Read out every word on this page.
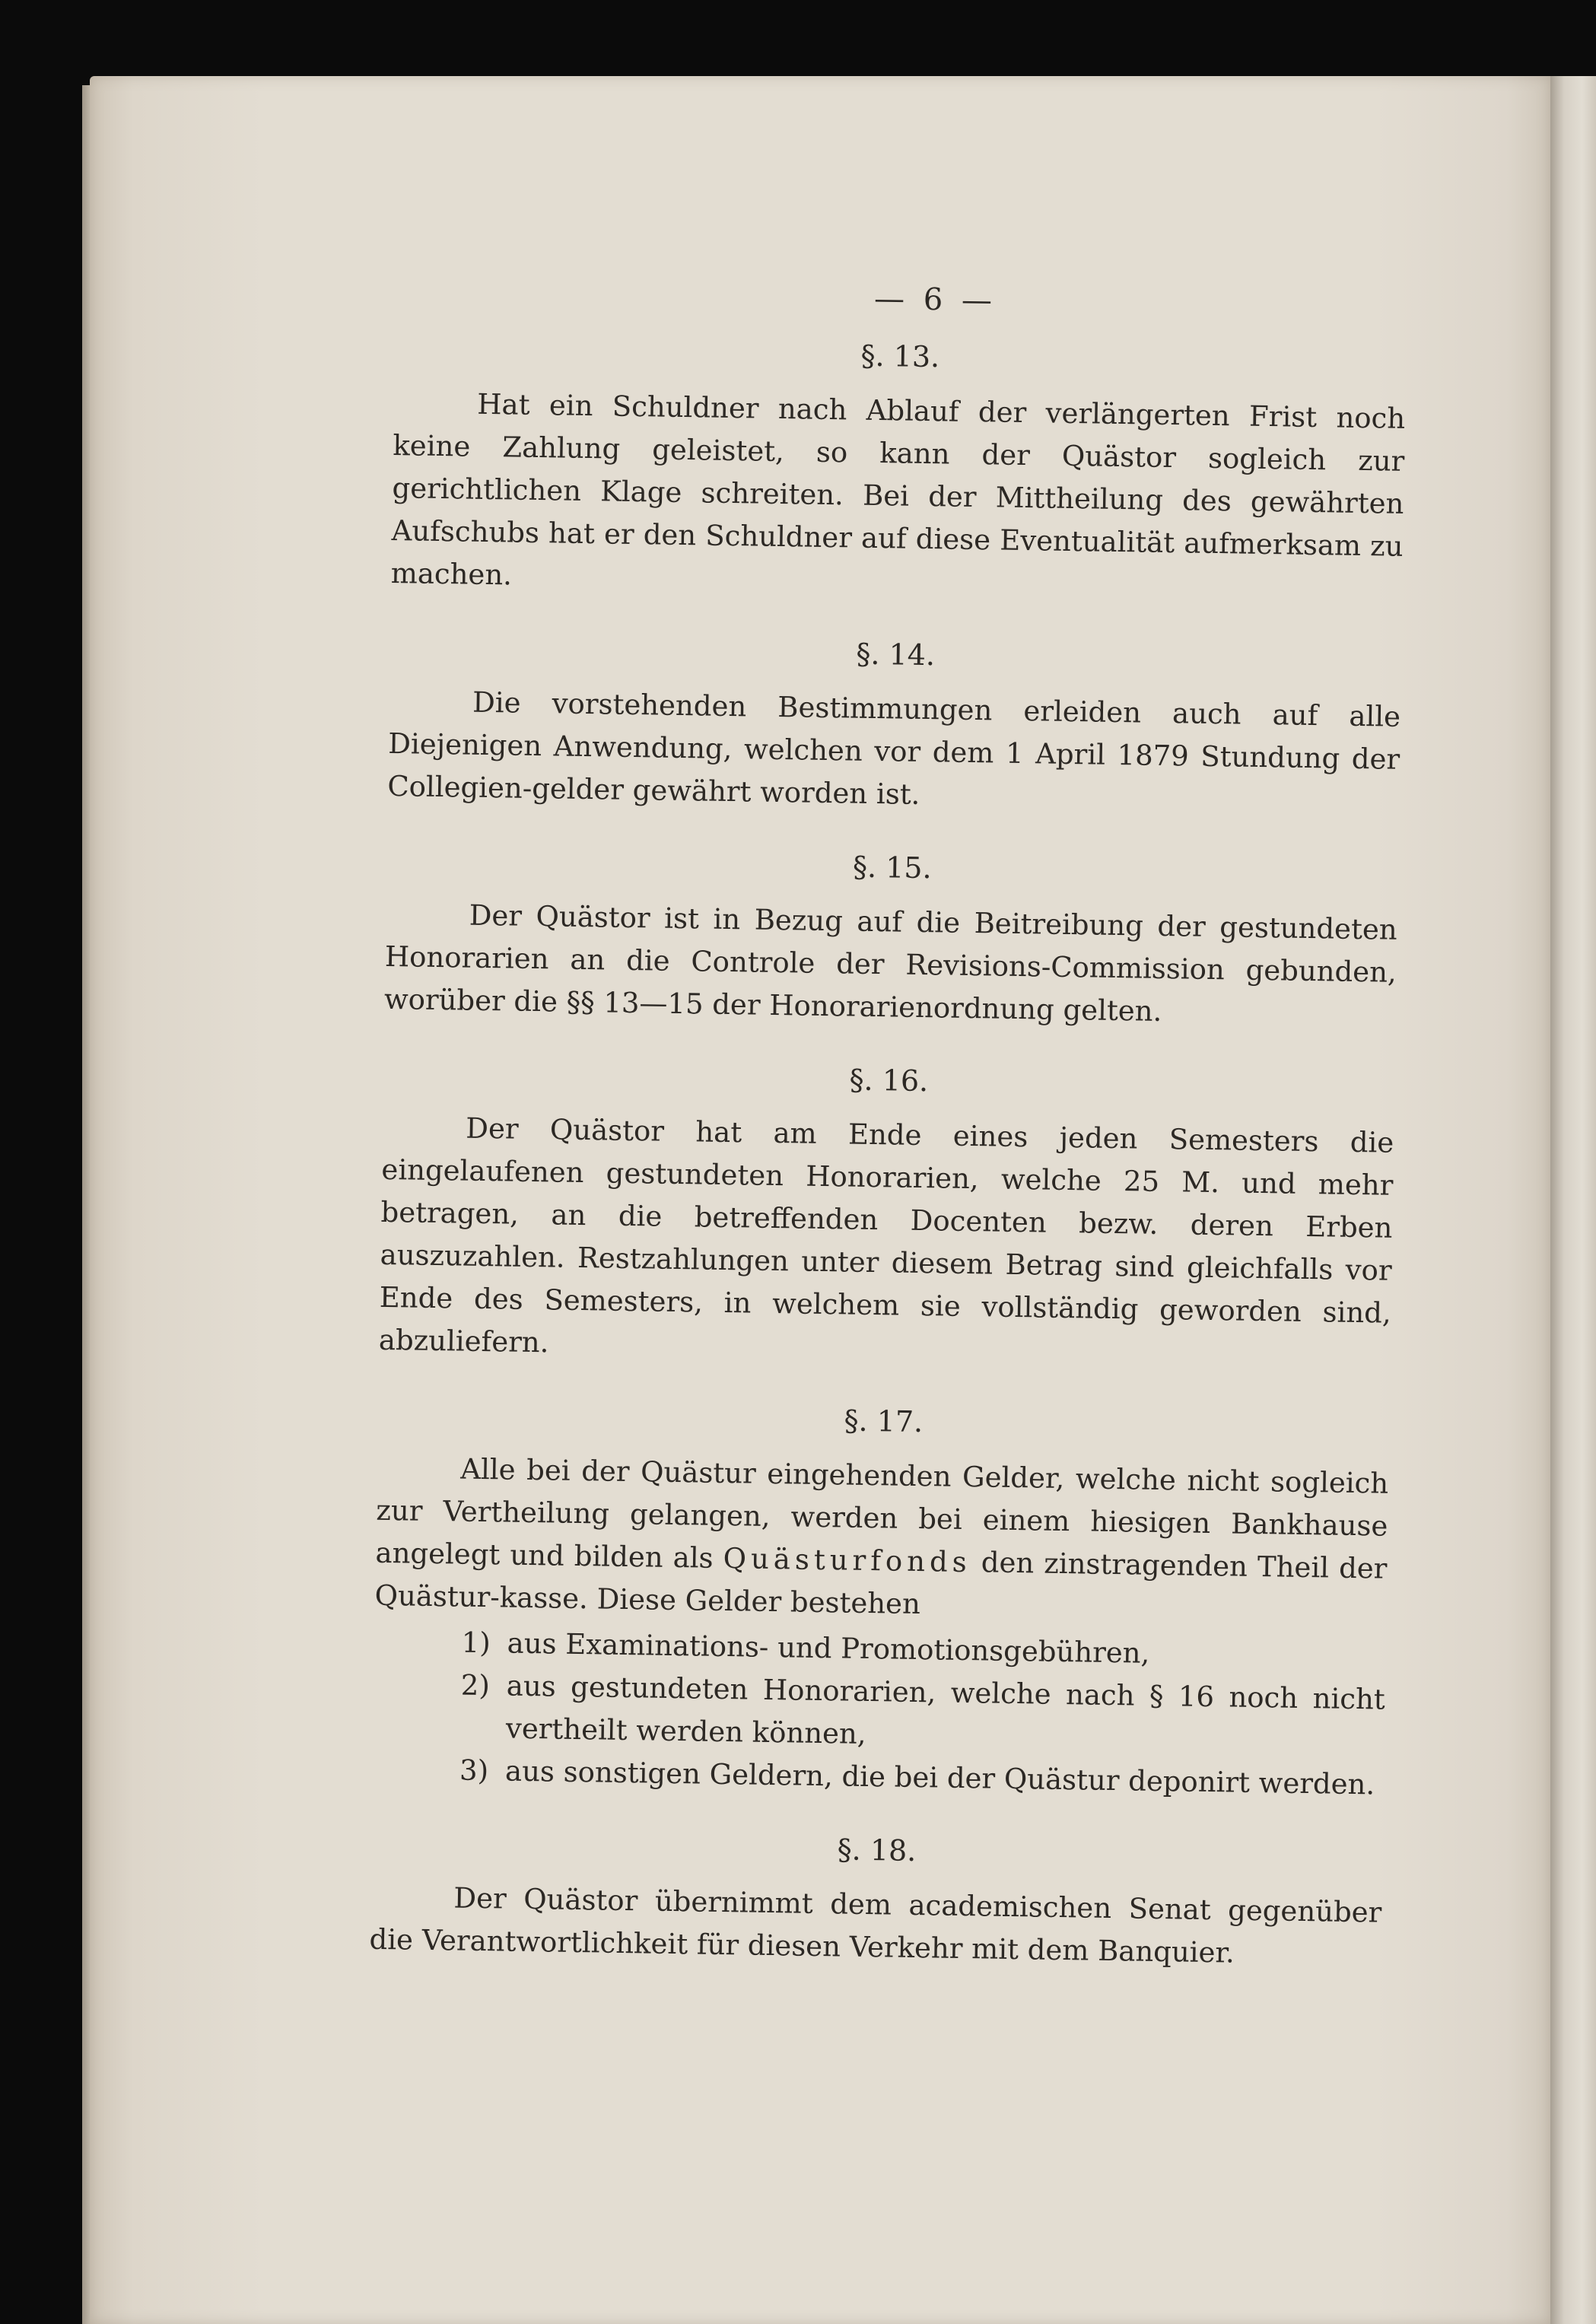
— 6 —
§. 13.

Hat ein Schuldner nach Ablauf der verlängerten Frist noch keine Zahlung geleistet, so kann der Quästor sogleich zur gerichtlichen Klage schreiten. Bei der Mittheilung des gewährten Aufschubs hat er den Schuldner auf diese Eventualität aufmerksam zu machen.

§. 14.

Die vorstehenden Bestimmungen erleiden auch auf alle Diejenigen Anwendung, welchen vor dem 1 April 1879 Stundung der Collegien-gelder gewährt worden ist.

§. 15.

Der Quästor ist in Bezug auf die Beitreibung der gestundeten Honorarien an die Controle der Revisions-Commission gebunden, worüber die §§ 13—15 der Honorarienordnung gelten.

§. 16.

Der Quästor hat am Ende eines jeden Semesters die eingelaufenen gestundeten Honorarien, welche 25 M. und mehr betragen, an die betreffenden Docenten bezw. deren Erben auszuzahlen. Restzahlungen unter diesem Betrag sind gleichfalls vor Ende des Semesters, in welchem sie vollständig geworden sind, abzuliefern.

§. 17.

Alle bei der Quästur eingehenden Gelder, welche nicht sogleich zur Vertheilung gelangen, werden bei einem hiesigen Bankhause angelegt und bilden als Quästurfonds den zinstragenden Theil der Quästur-kasse. Diese Gelder bestehen

1) aus Examinations- und Promotionsgebühren,
2) aus gestundeten Honorarien, welche nach § 16 noch nicht vertheilt werden können,
3) aus sonstigen Geldern, die bei der Quästur deponirt werden.
§. 18.

Der Quästor übernimmt dem academischen Senat gegenüber die Verantwortlichkeit für diesen Verkehr mit dem Banquier.
